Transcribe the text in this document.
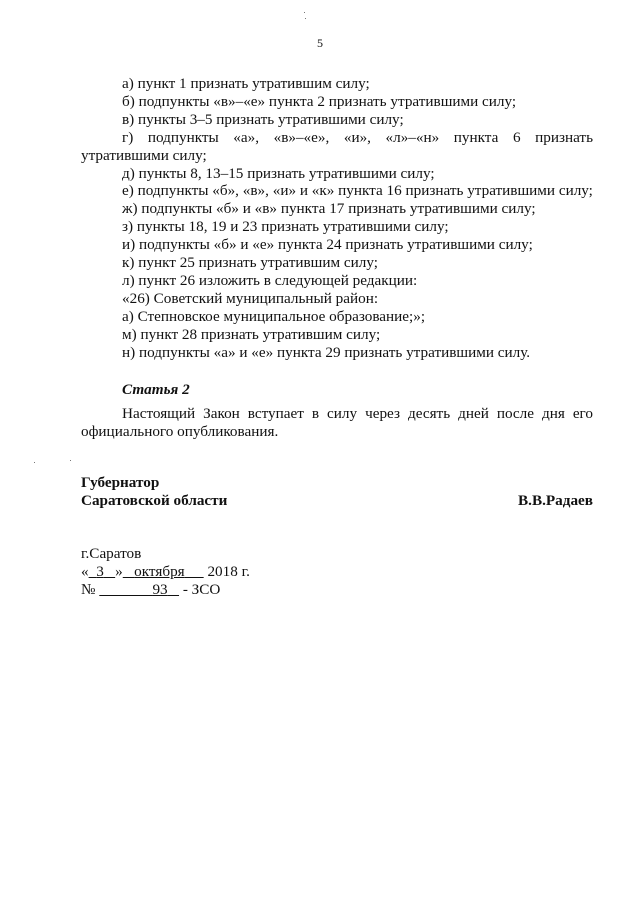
5

а) пункт 1 признать утратившим силу;

б) подпункты «в»–«е» пункта 2 признать утратившими силу;

в) пункты 3–5 признать утратившими силу;

г) подпункты «а», «в»–«е», «и», «л»–«н» пункта 6 признать утратившими силу;

д) пункты 8, 13–15 признать утратившими силу;

е) подпункты «б», «в», «и» и «к» пункта 16 признать утратившими силу;

ж) подпункты «б» и «в» пункта 17 признать утратившими силу;

з) пункты 18, 19 и 23 признать утратившими силу;

и) подпункты «б» и «е» пункта 24 признать утратившими силу;

к) пункт 25 признать утратившим силу;

л) пункт 26 изложить в следующей редакции:

«26) Советский муниципальный район:

а) Степновское муниципальное образование;»;

м) пункт 28 признать утратившим силу;

н) подпункты «а» и «е» пункта 29 признать утратившими силу.

Статья 2

Настоящий Закон вступает в силу через десять дней после дня его официального опубликования.

Губернатор
Саратовской области	В.В.Радаев
г.Саратов
« 3 » октября 2018 г.
№	93 - ЗСО
